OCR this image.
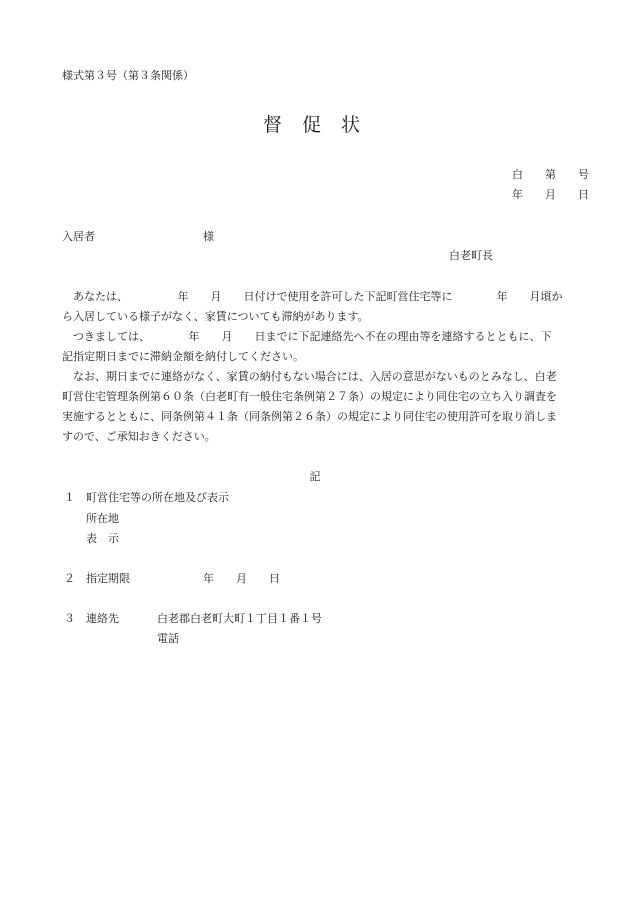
様式第３号（第３条関係）
督 促 状
白　　第　　号
年　　月　　日
入居者	様
白老町長
　あなたは、　　　　　年　　月　　日付けで使用を許可した下記町営住宅等に　　　　年　　月頃か
ら入居している様子がなく、家賃についても滞納があります。
　つきましては、　　　　年　　月　　日までに下記連絡先へ不在の理由等を連絡するとともに、下
記指定期日までに滞納金額を納付してください。
　なお、期日までに連絡がなく、家賃の納付もない場合には、入居の意思がないものとみなし、白老
町営住宅管理条例第６０条（白老町有一般住宅条例第２７条）の規定により同住宅の立ち入り調査を
実施するとともに、同条例第４１条（同条例第２６条）の規定により同住宅の使用許可を取り消しま
すので、ご承知おきください。
記
１ 町営住宅等の所在地及び表示
所在地
表　示
２ 指定期限	年　　月　　日
３ 連絡先	白老郡白老町大町１丁目１番１号
電話
